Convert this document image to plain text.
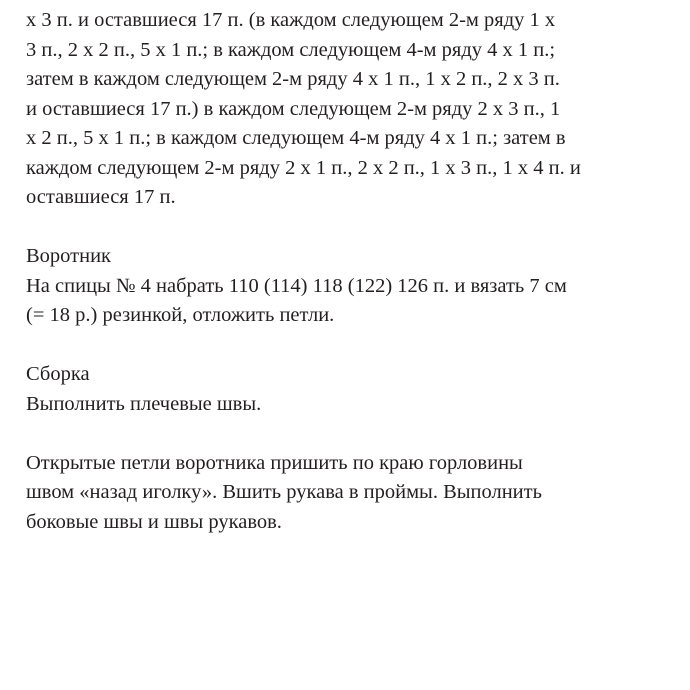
х 3 п. и оставшиеся 17 п. (в каждом следующем 2-м ряду 1 х
3 п., 2 х 2 п., 5 х 1 п.; в каждом следующем 4-м ряду 4 х 1 п.;
затем в каждом следующем 2-м ряду 4 х 1 п., 1 х 2 п., 2 х 3 п.
и оставшиеся 17 п.) в каждом следующем 2-м ряду 2 х 3 п., 1
х 2 п., 5 х 1 п.; в каждом следующем 4-м ряду 4 х 1 п.; затем в
каждом следующем 2-м ряду 2 х 1 п., 2 х 2 п., 1 х 3 п., 1 х 4 п. и
оставшиеся 17 п.
Воротник
На спицы № 4 набрать 110 (114) 118 (122) 126 п. и вязать 7 см
(= 18 р.) резинкой, отложить петли.
Сборка
Выполнить плечевые швы.
Открытые петли воротника пришить по краю горловины
швом «назад иголку». Вшить рукава в проймы. Выполнить
боковые швы и швы рукавов.
